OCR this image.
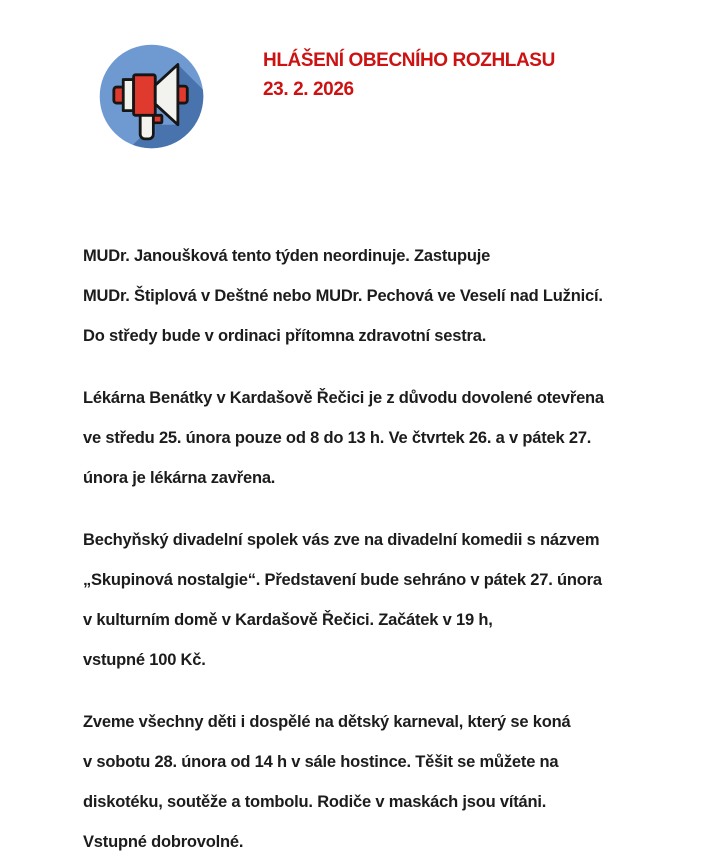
HLÁŠENÍ OBECNÍHO ROZHLASU
23. 2. 2026

MUDr. Janoušková tento týden neordinuje. Zastupuje
MUDr. Štiplová v Deštné nebo MUDr. Pechová ve Veselí nad Lužnicí.
Do středy bude v ordinaci přítomna zdravotní sestra.

Lékárna Benátky v Kardašově Řečici je z důvodu dovolené otevřena
ve středu 25. února pouze od 8 do 13 h. Ve čtvrtek 26. a v pátek 27.
února je lékárna zavřena.

Bechyňský divadelní spolek vás zve na divadelní komedii s názvem
„Skupinová nostalgie“. Představení bude sehráno v pátek 27. února
v kulturním domě v Kardašově Řečici. Začátek v 19 h,
vstupné 100 Kč.

Zveme všechny děti i dospělé na dětský karneval, který se koná
v sobotu 28. února od 14 h v sále hostince. Těšit se můžete na
diskotéku, soutěže a tombolu. Rodiče v maskách jsou vítáni.
Vstupné dobrovolné.
